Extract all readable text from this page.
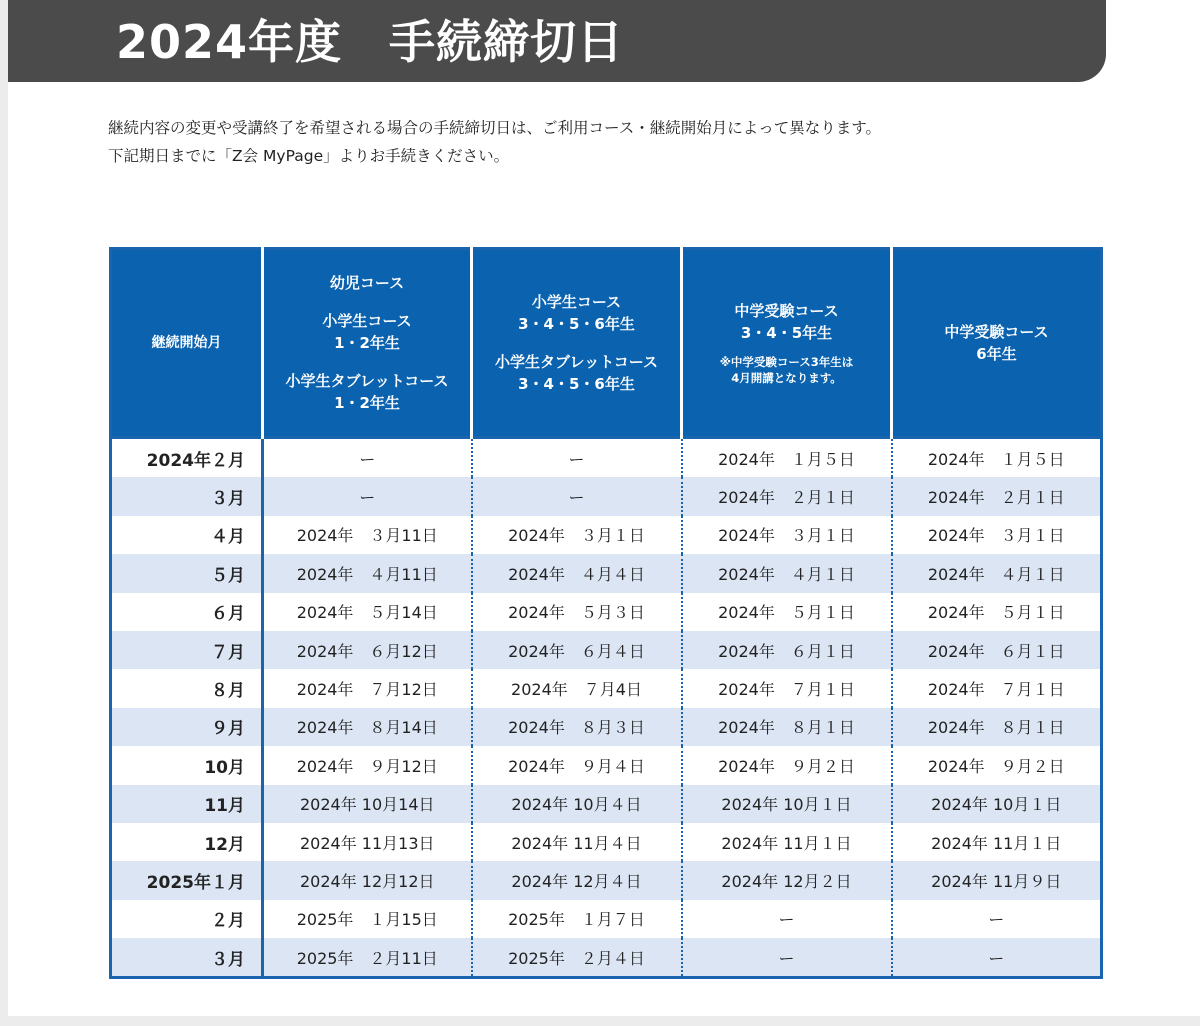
2024年度　手続締切日
継続内容の変更や受講終了を希望される場合の手続締切日は、ご利用コース・継続開始月によって異なります。
下記期日までに「Z会 MyPage」よりお手続きください。
継続開始月	幼児コース
小学生コース
1・2年生
小学生タブレットコース
1・2年生	小学生コース
3・4・5・6年生
小学生タブレットコース
3・4・5・6年生	中学受験コース
3・4・5年生
※中学受験コース3年生は
4月開講となります。	中学受験コース
6年生

2024年２月	ー	ー	2024年　１月５日	2024年　１月５日
３月	ー	ー	2024年　２月１日	2024年　２月１日
４月	2024年　３月11日	2024年　３月１日	2024年　３月１日	2024年　３月１日
５月	2024年　４月11日	2024年　４月４日	2024年　４月１日	2024年　４月１日
６月	2024年　５月14日	2024年　５月３日	2024年　５月１日	2024年　５月１日
７月	2024年　６月12日	2024年　６月４日	2024年　６月１日	2024年　６月１日
８月	2024年　７月12日	2024年　７月4日	2024年　７月１日	2024年　７月１日
９月	2024年　８月14日	2024年　８月３日	2024年　８月１日	2024年　８月１日
10月	2024年　９月12日	2024年　９月４日	2024年　９月２日	2024年　９月２日
11月	2024年 10月14日	2024年 10月４日	2024年 10月１日	2024年 10月１日
12月	2024年 11月13日	2024年 11月４日	2024年 11月１日	2024年 11月１日
2025年１月	2024年 12月12日	2024年 12月４日	2024年 12月２日	2024年 11月９日
２月	2025年　１月15日	2025年　１月７日	ー	ー
３月	2025年　２月11日	2025年　２月４日	ー	ー
